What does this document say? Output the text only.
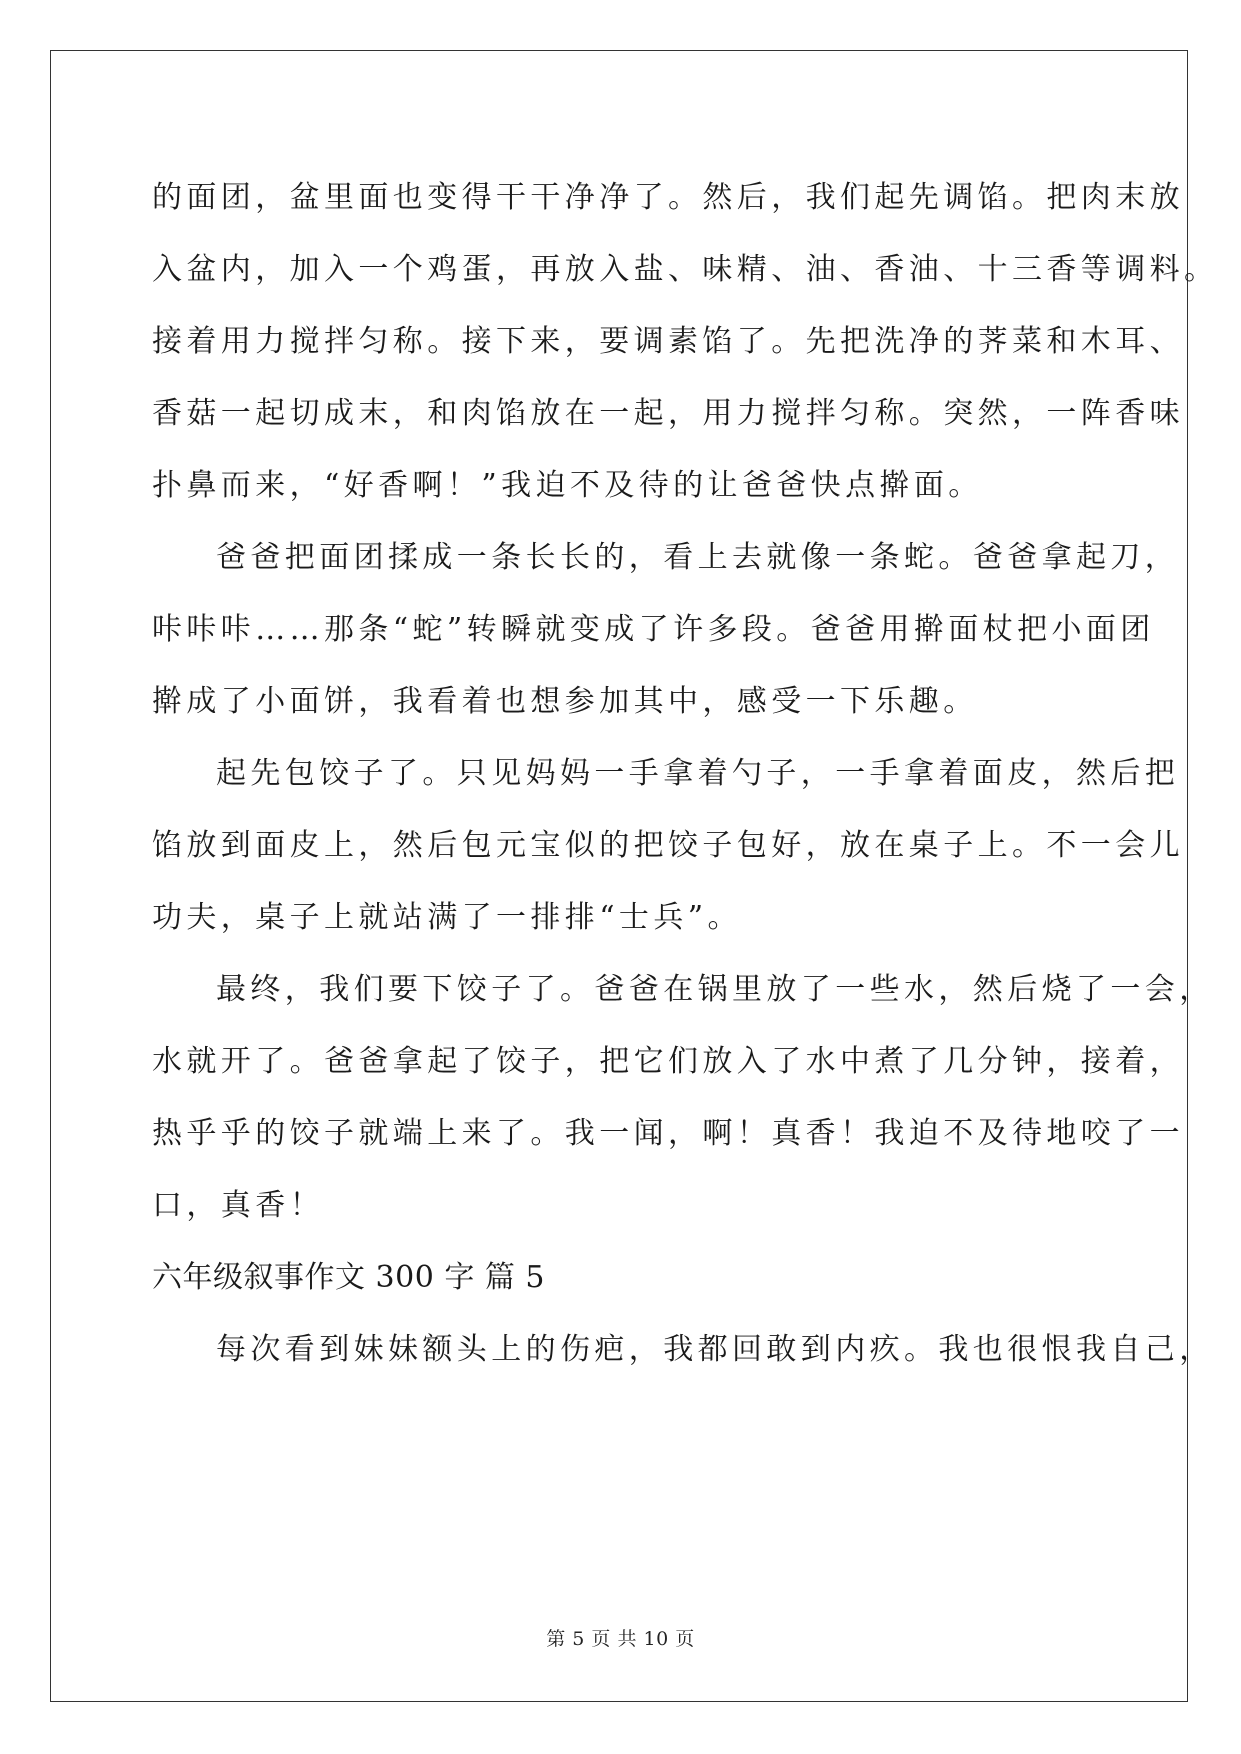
的面团，盆里面也变得干干净净了。然后，我们起先调馅。把肉末放
入盆内，加入一个鸡蛋，再放入盐、味精、油、香油、十三香等调料。
接着用力搅拌匀称。接下来，要调素馅了。先把洗净的荠菜和木耳、
香菇一起切成末，和肉馅放在一起，用力搅拌匀称。突然，一阵香味
扑鼻而来，“好香啊！”我迫不及待的让爸爸快点擀面。
爸爸把面团揉成一条长长的，看上去就像一条蛇。爸爸拿起刀，
咔咔咔……那条“蛇”转瞬就变成了许多段。爸爸用擀面杖把小面团
擀成了小面饼，我看着也想参加其中，感受一下乐趣。
起先包饺子了。只见妈妈一手拿着勺子，一手拿着面皮，然后把
馅放到面皮上，然后包元宝似的把饺子包好，放在桌子上。不一会儿
功夫，桌子上就站满了一排排“士兵”。
最终，我们要下饺子了。爸爸在锅里放了一些水，然后烧了一会，
水就开了。爸爸拿起了饺子，把它们放入了水中煮了几分钟，接着，
热乎乎的饺子就端上来了。我一闻，啊！真香！我迫不及待地咬了一
口，真香！
六年级叙事作文 300 字 篇 5
每次看到妹妹额头上的伤疤，我都回敢到内疚。我也很恨我自己，
第 5 页 共 10 页
